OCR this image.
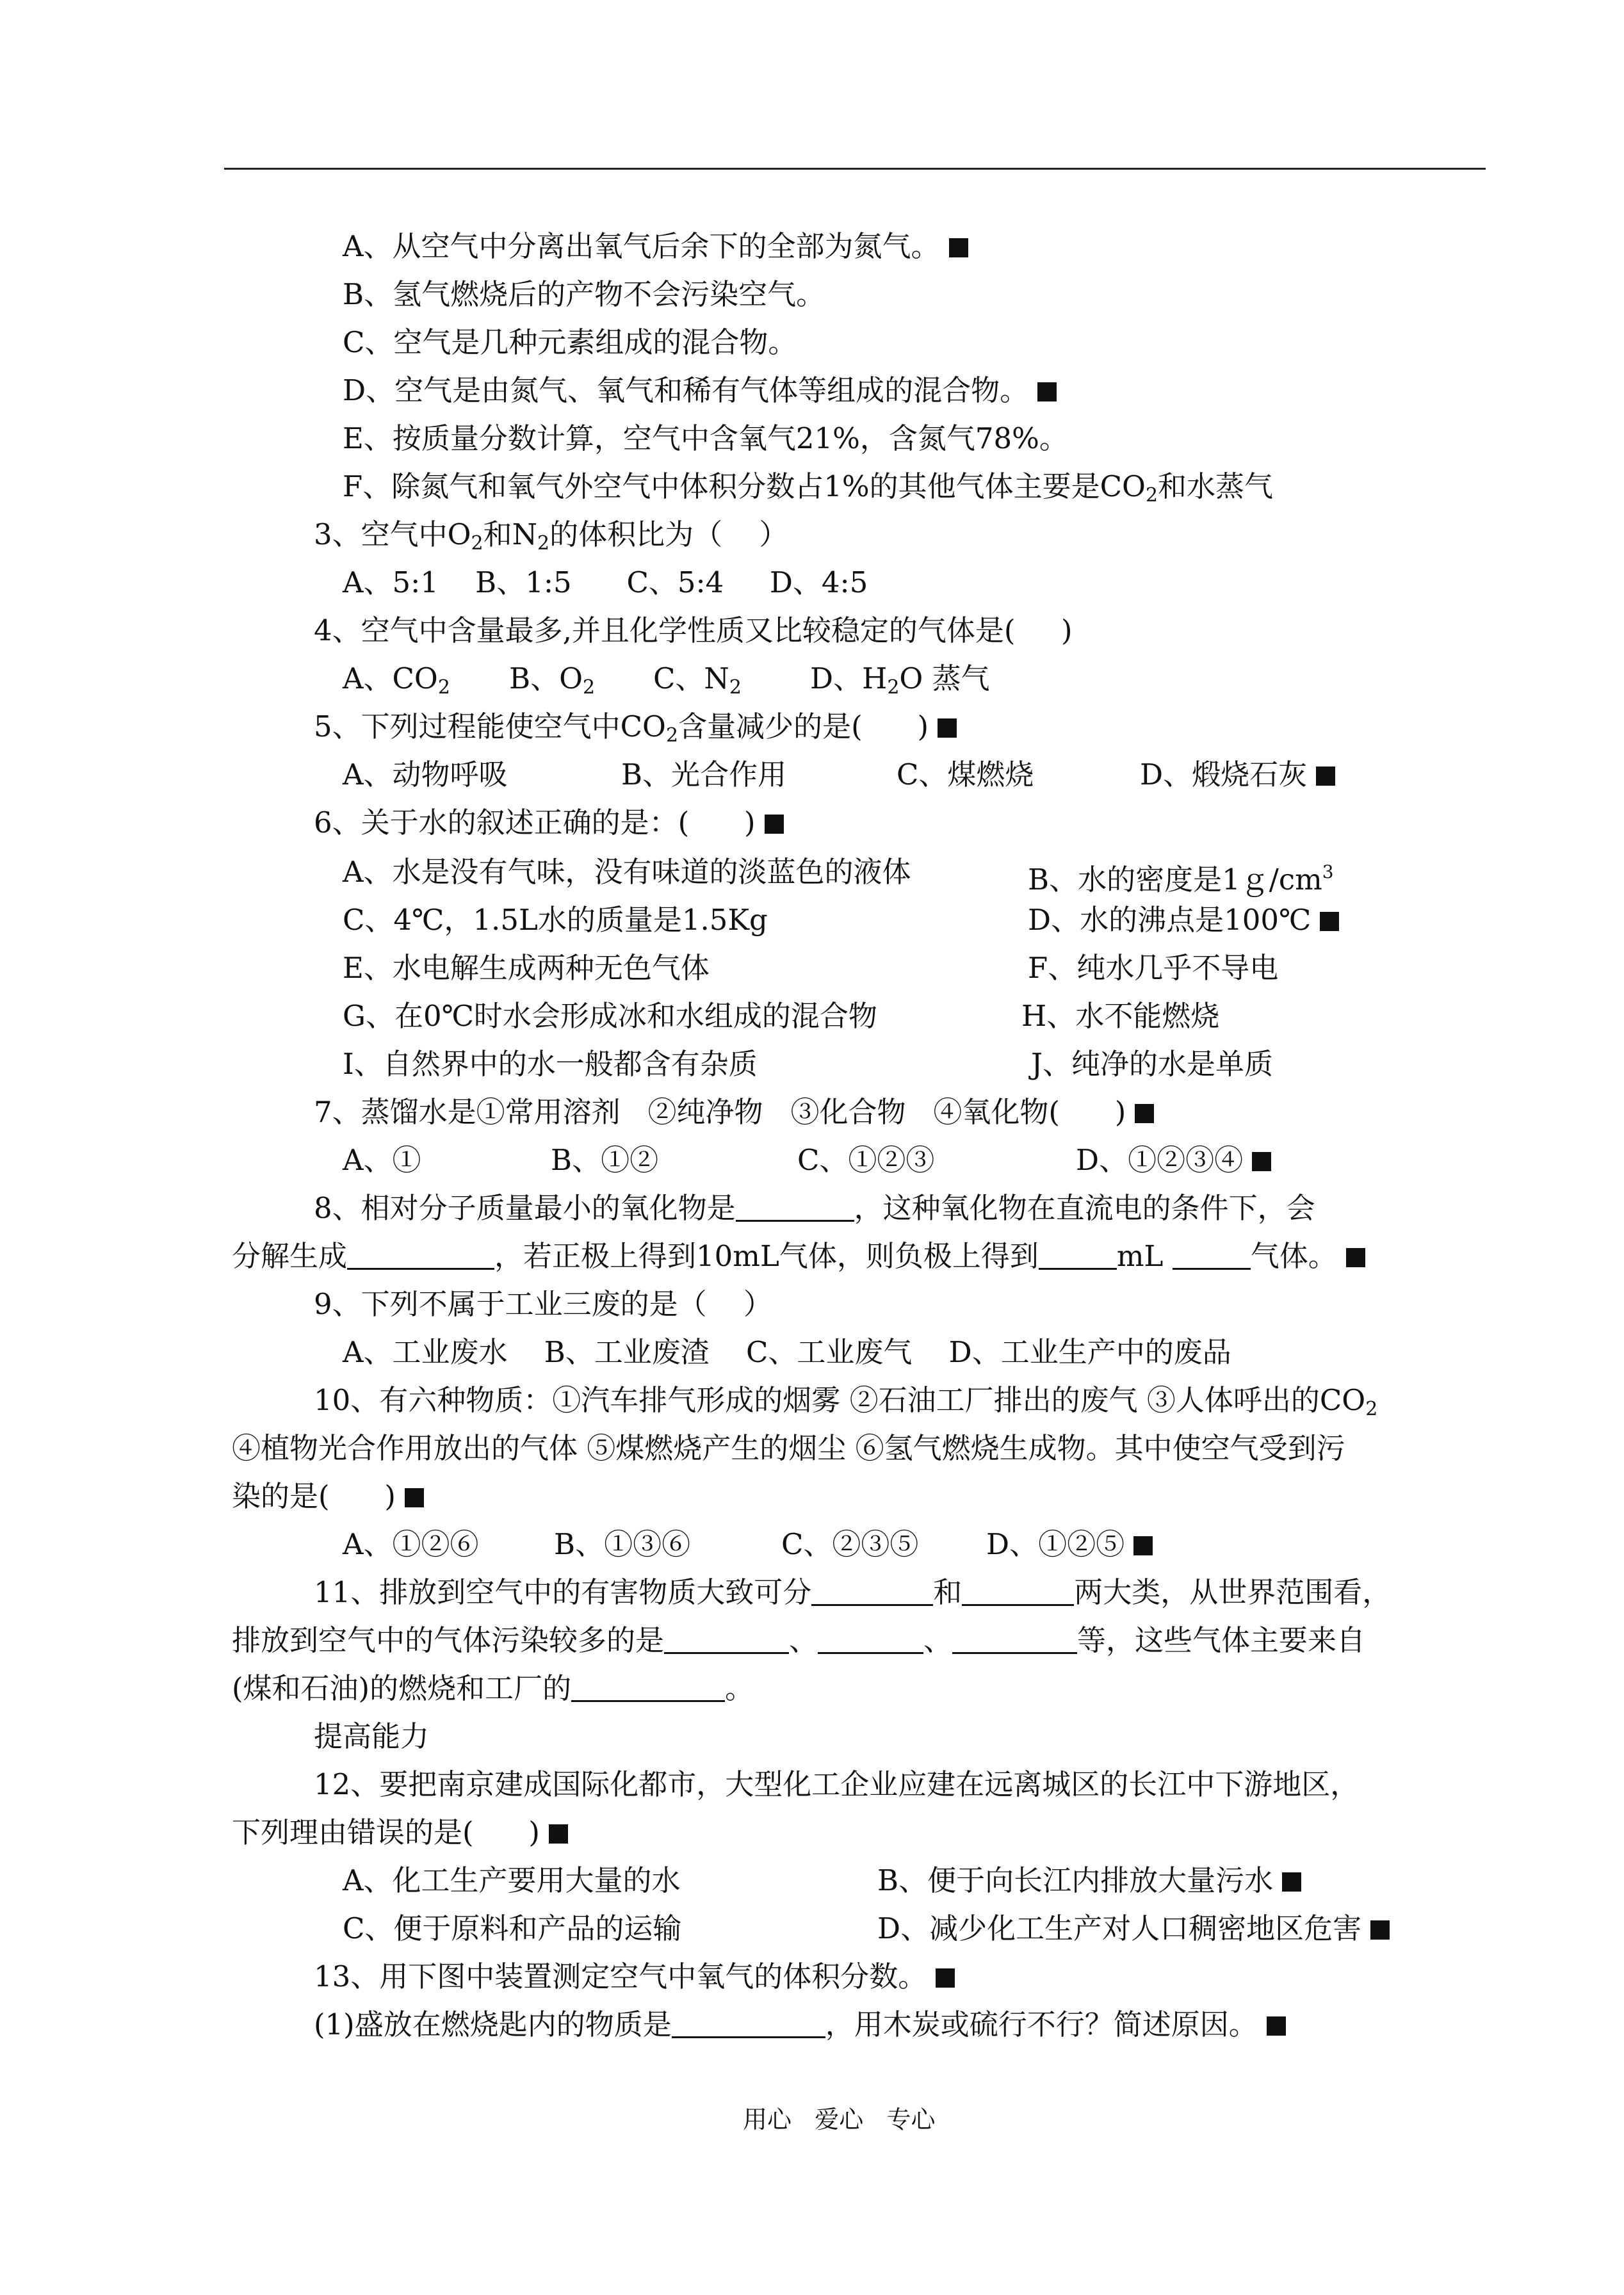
A、从空气中分离出氧气后余下的全部为氮气。
B、氢气燃烧后的产物不会污染空气。
C、空气是几种元素组成的混合物。
D、空气是由氮气、氧气和稀有气体等组成的混合物。
E、按质量分数计算，空气中含氧气21%，含氮气78%。
F、除氮气和氧气外空气中体积分数占1%的其他气体主要是$CO_2$和水蒸气
3、空气中$O_2$和$N_2$的体积比为（    ）
A、5:1    B、1:5      C、5:4     D、4:5
4、空气中含量最多,并且化学性质又比较稳定的气体是(     )
A、$CO_2$ B、$O_2$ C、$N_2$ D、$H_2O$ 蒸气
5、下列过程能使空气中$CO_2$含量减少的是(      )
A、动物呼吸	B、光合作用	C、煤燃烧	D、煅烧石灰
6、关于水的叙述正确的是：(      )
A、水是没有气味，没有味道的淡蓝色的液体	B、水的密度是$1g/cm^3$
C、4℃，1.5L水的质量是1.5Kg	D、水的沸点是100℃
E、水电解生成两种无色气体	F、纯水几乎不导电
G、在0℃时水会形成冰和水组成的混合物	H、水不能燃烧
I、自然界中的水一般都含有杂质	J、纯净的水是单质
7、蒸馏水是①常用溶剂   ②纯净物   ③化合物   ④氧化物(      )
A、①	B、①②	C、①②③	D、①②③④
8、相对分子质量最小的氧化物是	，这种氧化物在直流电的条件下，会
分解生成	，若正极上得到10mL气体，则负极上得到	mL	气体。
9、下列不属于工业三废的是（    ）
A、工业废水    B、工业废渣    C、工业废气    D、工业生产中的废品
10、有六种物质：①汽车排气形成的烟雾 ②石油工厂排出的废气 ③人体呼出的$CO_2$
④植物光合作用放出的气体 ⑤煤燃烧产生的烟尘 ⑥氢气燃烧生成物。其中使空气受到污
染的是(      )
A、①②⑥	B、①③⑥	C、②③⑤ D、①②⑤
11、排放到空气中的有害物质大致可分	和	两大类，从世界范围看，
排放到空气中的气体污染较多的是	、	、	等，这些气体主要来自
(煤和石油)的燃烧和工厂的	。
提高能力
12、要把南京建成国际化都市，大型化工企业应建在远离城区的长江中下游地区，
下列理由错误的是(      )
A、化工生产要用大量的水	B、便于向长江内排放大量污水
C、便于原料和产品的运输	D、减少化工生产对人口稠密地区危害
13、用下图中装置测定空气中氧气的体积分数。
(1)盛放在燃烧匙内的物质是	，用木炭或硫行不行？简述原因。
用心   爱心   专心
